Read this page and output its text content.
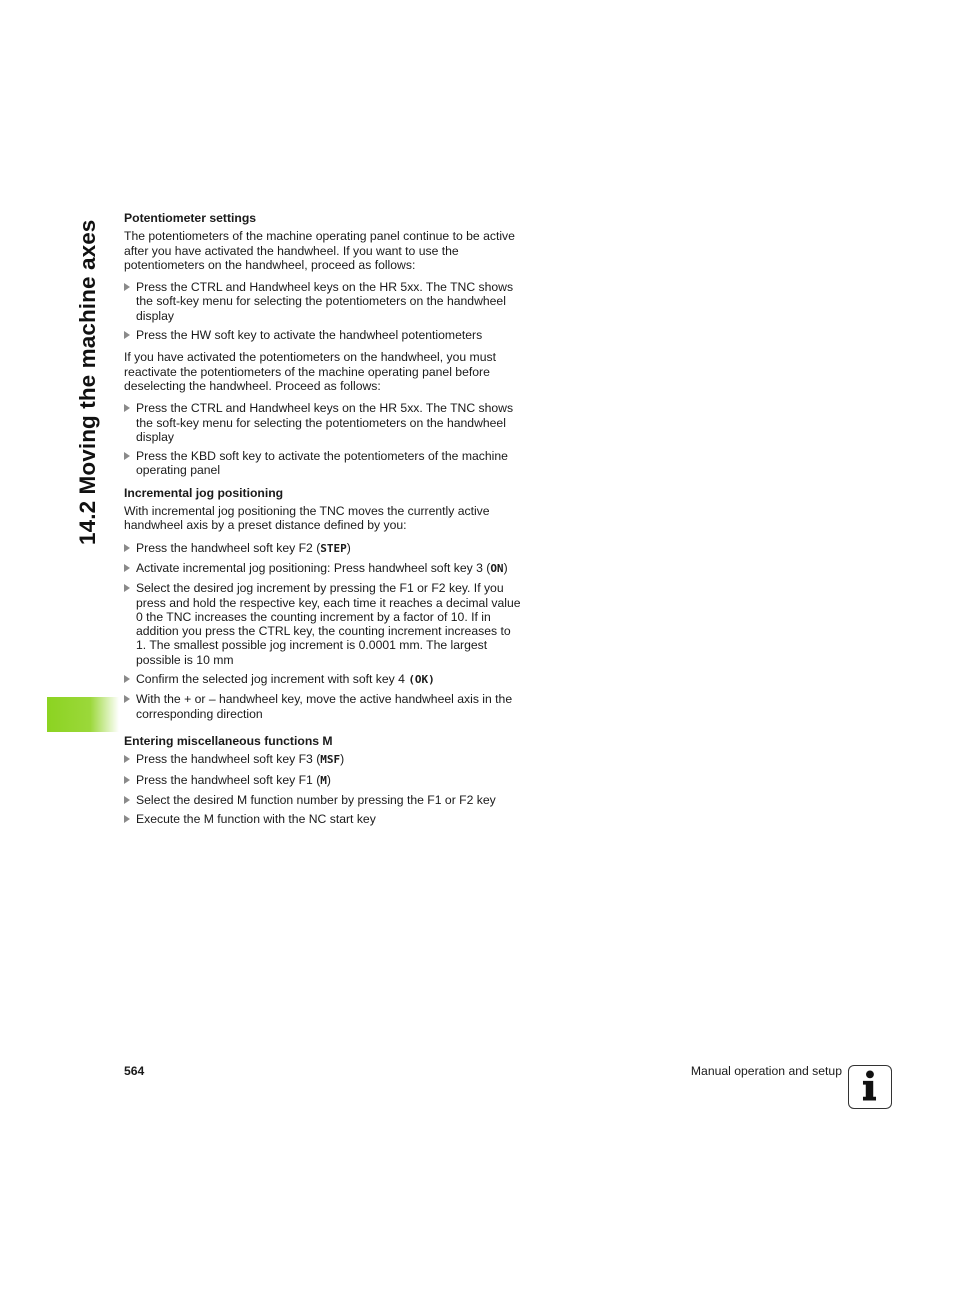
14.2 Moving the machine axes
Potentiometer settings
The potentiometers of the machine operating panel continue to be active after you have activated the handwheel. If you want to use the potentiometers on the handwheel, proceed as follows:
Press the CTRL and Handwheel keys on the HR 5xx. The TNC shows the soft-key menu for selecting the potentiometers on the handwheel display
Press the HW soft key to activate the handwheel potentiometers
If you have activated the potentiometers on the handwheel, you must reactivate the potentiometers of the machine operating panel before deselecting the handwheel. Proceed as follows:
Press the CTRL and Handwheel keys on the HR 5xx. The TNC shows the soft-key menu for selecting the potentiometers on the handwheel display
Press the KBD soft key to activate the potentiometers of the machine operating panel
Incremental jog positioning
With incremental jog positioning the TNC moves the currently active handwheel axis by a preset distance defined by you:
Press the handwheel soft key F2 (STEP)
Activate incremental jog positioning: Press handwheel soft key 3 (ON)
Select the desired jog increment by pressing the F1 or F2 key. If you press and hold the respective key, each time it reaches a decimal value 0 the TNC increases the counting increment by a factor of 10. If in addition you press the CTRL key, the counting increment increases to 1. The smallest possible jog increment is 0.0001 mm. The largest possible is 10 mm
Confirm the selected jog increment with soft key 4 (OK)
With the + or – handwheel key, move the active handwheel axis in the corresponding direction
Entering miscellaneous functions M
Press the handwheel soft key F3 (MSF)
Press the handwheel soft key F1 (M)
Select the desired M function number by pressing the F1 or F2 key
Execute the M function with the NC start key
564	Manual operation and setup
